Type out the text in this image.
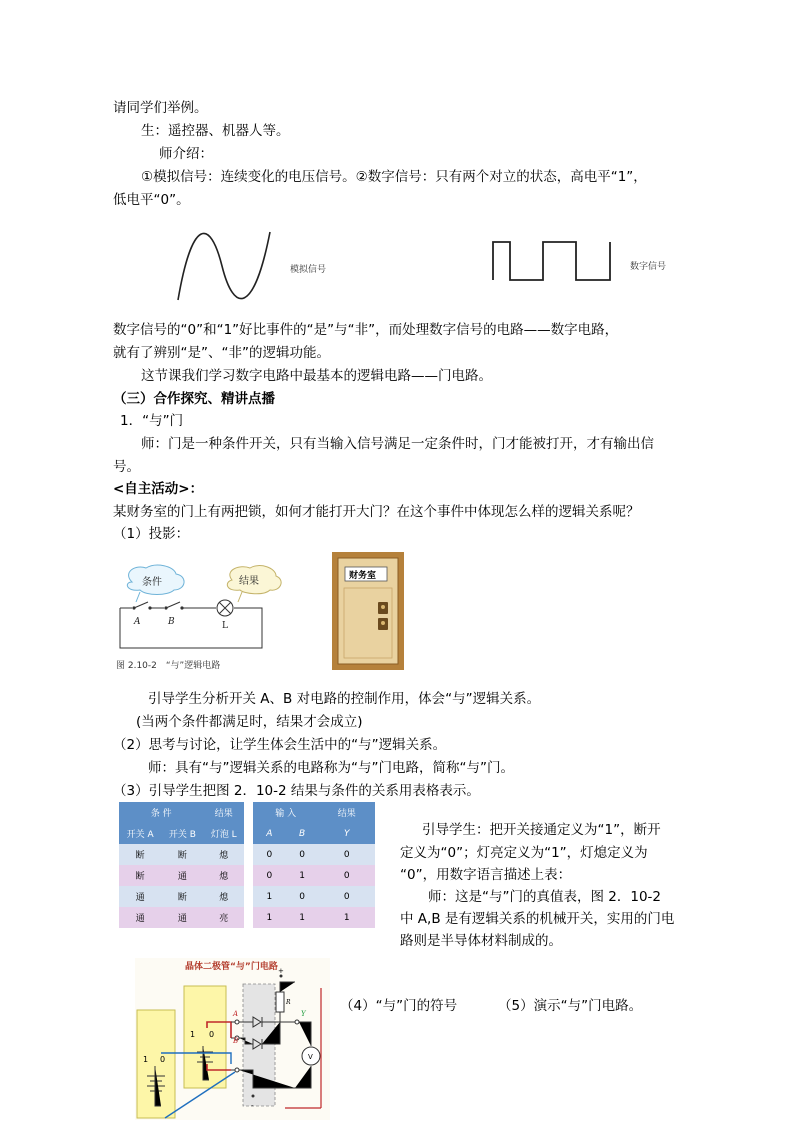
请同学们举例。
生：遥控器、机器人等。
师介绍：
①模拟信号：连续变化的电压信号。②数字信号：只有两个对立的状态，高电平“1”，
低电平“0”。
模拟信号	数字信号
数字信号的“0”和“1”好比事件的“是”与“非”，而处理数字信号的电路——数字电路，
就有了辨别“是”、“非”的逻辑功能。
这节课我们学习数字电路中最基本的逻辑电路——门电路。
（三）合作探究、精讲点播
1．“与”门
师：门是一种条件开关，只有当输入信号满足一定条件时，门才能被打开，才有输出信
号。
<自主活动>：
某财务室的门上有两把锁，如何才能打开大门？在这个事件中体现怎么样的逻辑关系呢？
（1）投影：
条件	结果
A	B	L
图 2.10-2　“与”逻辑电路
财务室
引导学生分析开关 A、B 对电路的控制作用，体会“与”逻辑关系。
(当两个条件都满足时，结果才会成立)
（2）思考与讨论，让学生体会生活中的“与”逻辑关系。
师：具有“与”逻辑关系的电路称为“与”门电路，简称“与”门。
（3）引导学生把图 2．10-2 结果与条件的关系用表格表示。
条 件		结果
开关 A	开关 B	灯泡 L
断	断	熄
断	通	熄
通	断	熄
通	通	亮
输 入		结果
A	B	Y
0	0	0
0	1	0
1	0	0
1	1	1
引导学生：把开关接通定义为“1”，断开
定义为“0”；灯亮定义为“1”，灯熄定义为
“0”，用数字语言描述上表：
师：这是“与”门的真值表，图 2．10-2
中 A,B 是有逻辑关系的机械开关，实用的门电
路则是半导体材料制成的。
晶体二极管“与”门电路
1 0
1 0
A
B
R
+
-
Y
V
（4）“与”门的符号	（5）演示“与”门电路。
